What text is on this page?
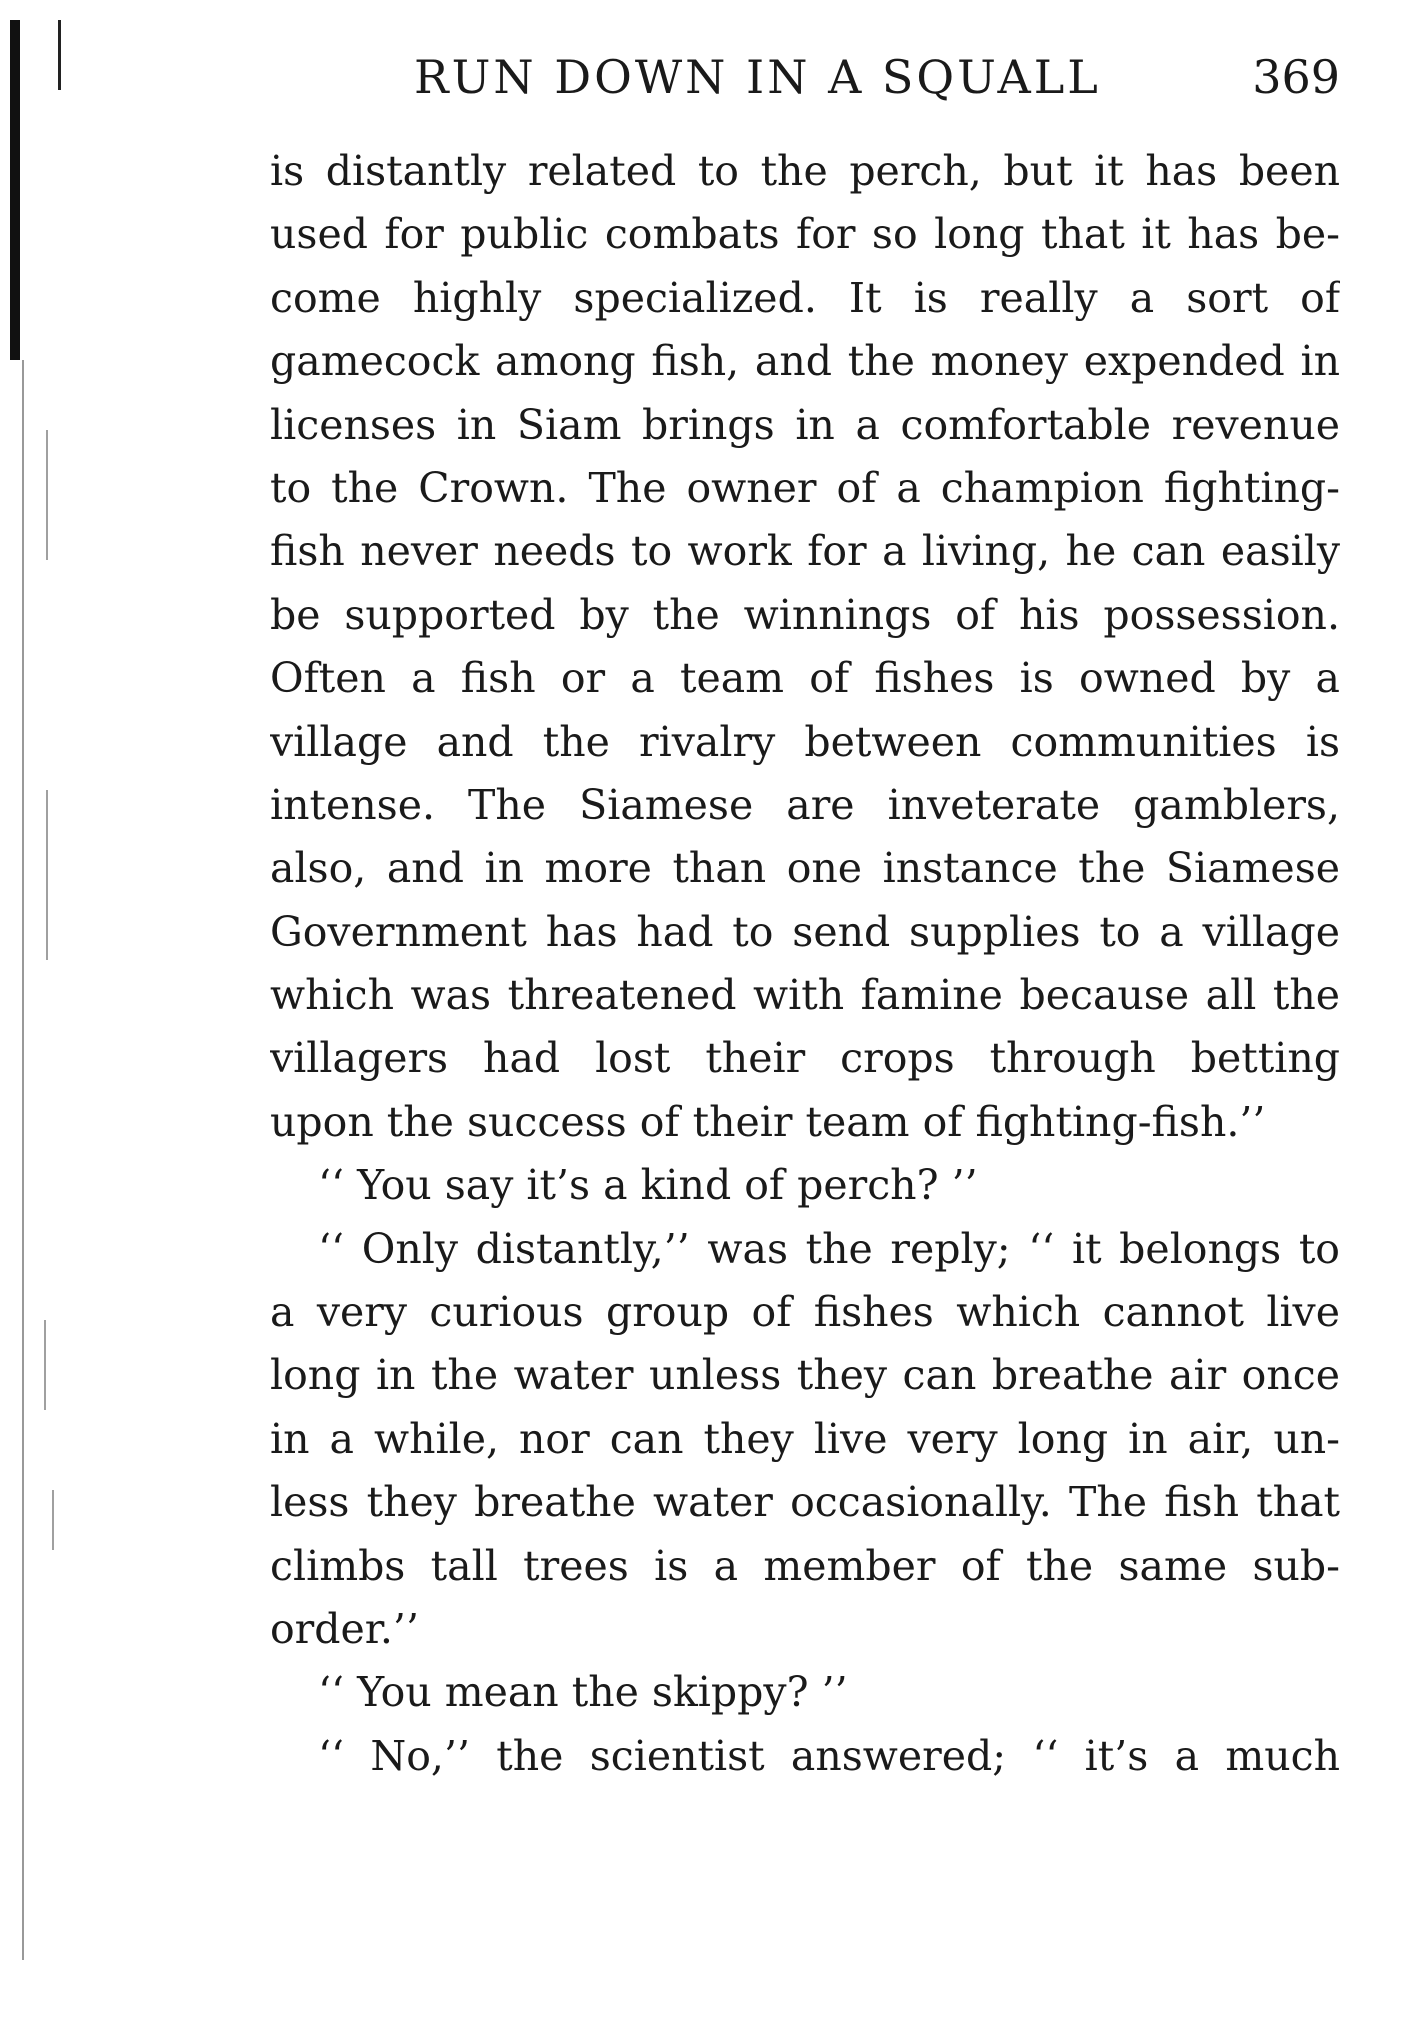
RUN DOWN IN A SQUALL	369
is distantly related to the perch, but it has been
used for public combats for so long that it has be-
come highly specialized. It is really a sort of
gamecock among fish, and the money expended in
licenses in Siam brings in a comfortable revenue
to the Crown. The owner of a champion fighting-
fish never needs to work for a living, he can easily
be supported by the winnings of his possession.
Often a fish or a team of fishes is owned by a
village and the rivalry between communities is
intense. The Siamese are inveterate gamblers,
also, and in more than one instance the Siamese
Government has had to send supplies to a village
which was threatened with famine because all the
villagers had lost their crops through betting
upon the success of their team of fighting-fish.’’
‘‘ You say it’s a kind of perch? ’’
‘‘ Only distantly,’’ was the reply; ‘‘ it belongs to
a very curious group of fishes which cannot live
long in the water unless they can breathe air once
in a while, nor can they live very long in air, un-
less they breathe water occasionally. The fish that
climbs tall trees is a member of the same sub-
order.’’
‘‘ You mean the skippy? ’’
‘‘ No,’’ the scientist answered; ‘‘ it’s a much
